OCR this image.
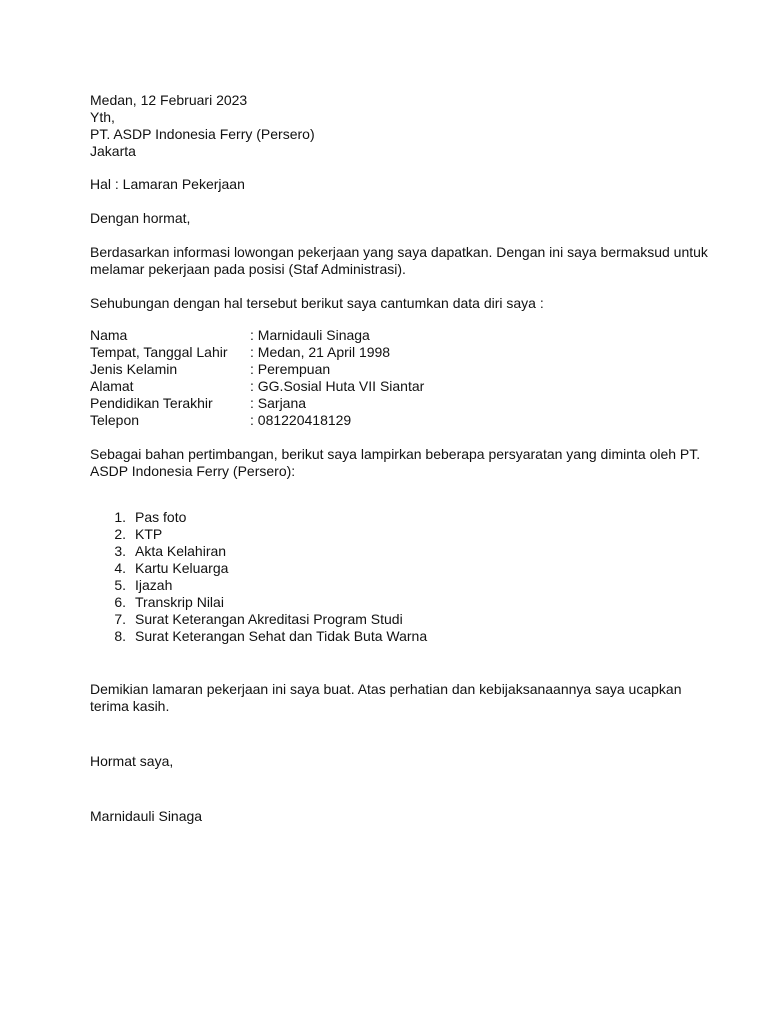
Medan, 12 Februari 2023
Yth,
PT. ASDP Indonesia Ferry (Persero)
Jakarta
Hal : Lamaran Pekerjaan
Dengan hormat,
Berdasarkan informasi lowongan pekerjaan yang saya dapatkan. Dengan ini saya bermaksud untuk
melamar pekerjaan pada posisi (Staf Administrasi).
Sehubungan dengan hal tersebut berikut saya cantumkan data diri saya :
Nama	: Marnidauli Sinaga
Tempat, Tanggal Lahir : Medan, 21 April 1998
Jenis Kelamin	: Perempuan
Alamat	: GG.Sosial Huta VII Siantar
Pendidikan Terakhir	: Sarjana
Telepon	: 081220418129
Sebagai bahan pertimbangan, berikut saya lampirkan beberapa persyaratan yang diminta oleh PT.
ASDP Indonesia Ferry (Persero):
1. Pas foto
2. KTP
3. Akta Kelahiran
4. Kartu Keluarga
5. Ijazah
6. Transkrip Nilai
7. Surat Keterangan Akreditasi Program Studi
8. Surat Keterangan Sehat dan Tidak Buta Warna
Demikian lamaran pekerjaan ini saya buat. Atas perhatian dan kebijaksanaannya saya ucapkan
terima kasih.
Hormat saya,
Marnidauli Sinaga
